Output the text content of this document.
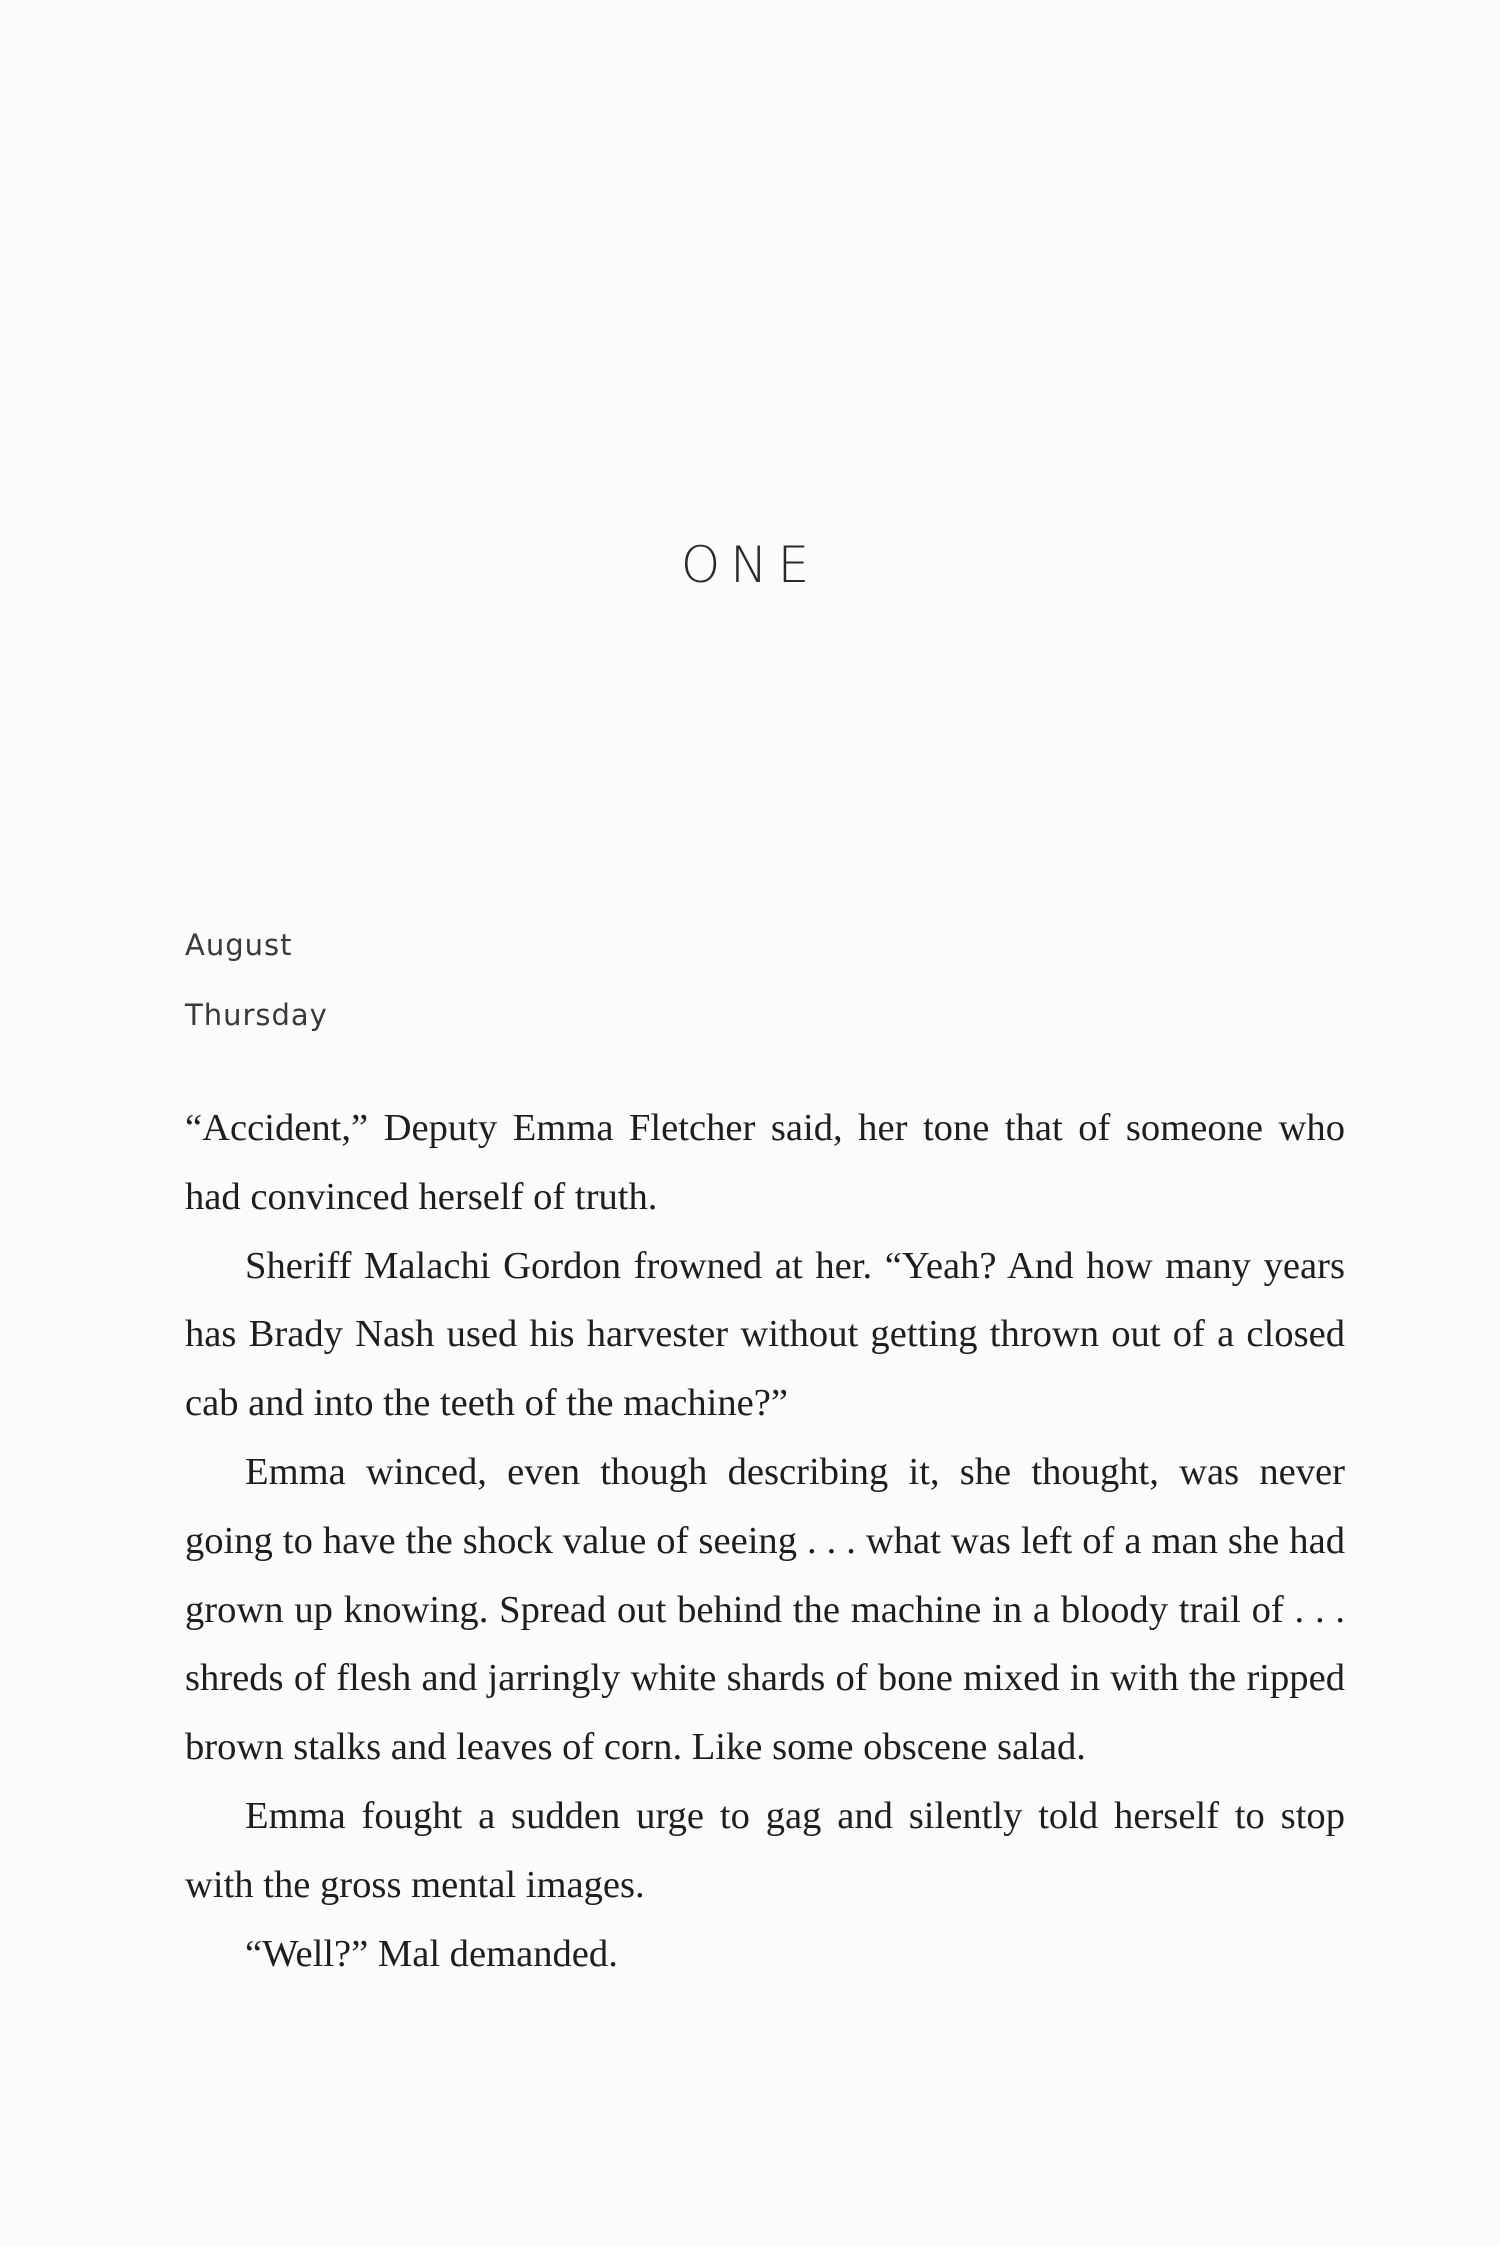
ONE
August
Thursday

“Accident,” Deputy Emma Fletcher said, her tone that of someone who had convinced herself of truth.

Sheriff Malachi Gordon frowned at her. “Yeah? And how many years has Brady Nash used his harvester without getting thrown out of a closed cab and into the teeth of the machine?”

Emma winced, even though describing it, she thought, was never going to have the shock value of seeing . . . what was left of a man she had grown up knowing. Spread out behind the machine in a bloody trail of . . . shreds of flesh and jarringly white shards of bone mixed in with the ripped brown stalks and leaves of corn. Like some obscene salad.

Emma fought a sudden urge to gag and silently told herself to stop with the gross mental images.

“Well?” Mal demanded.
